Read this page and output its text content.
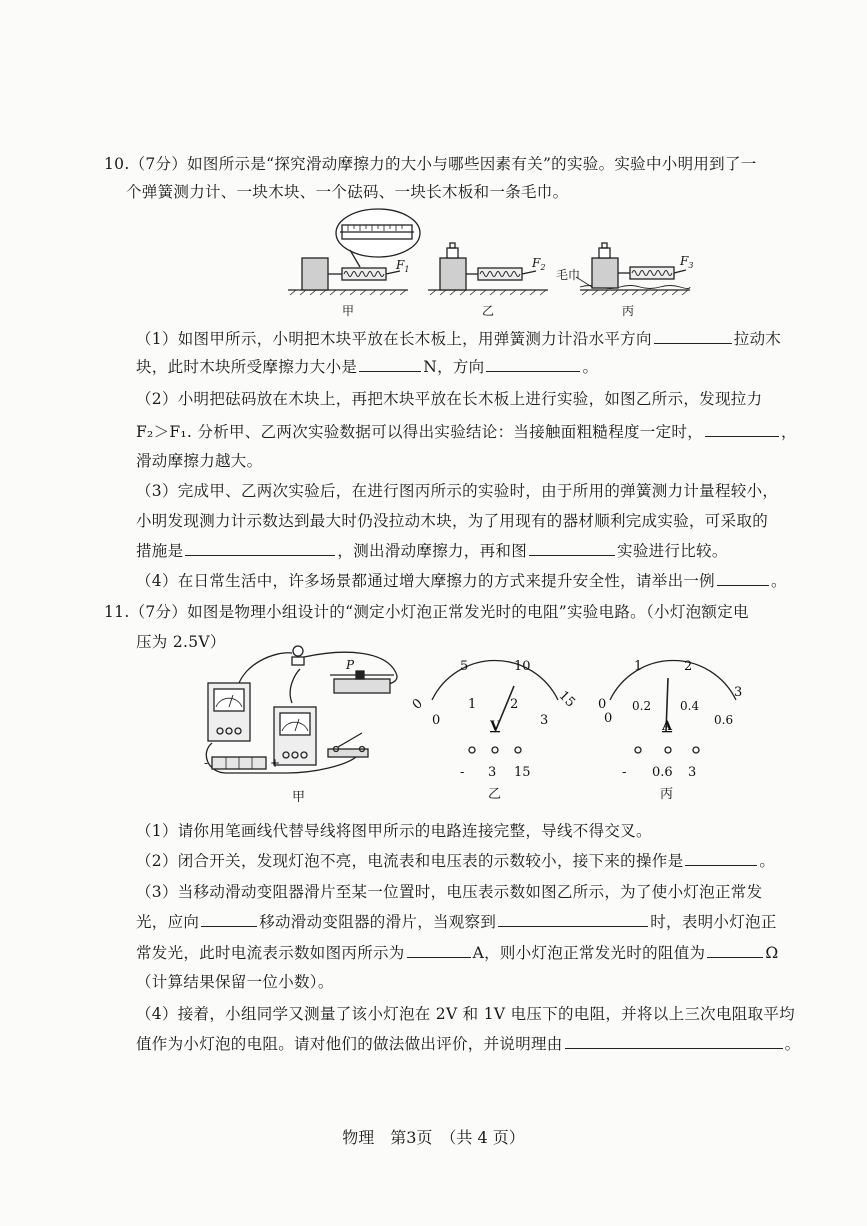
10.（7分）如图所示是“探究滑动摩擦力的大小与哪些因素有关”的实验。实验中小明用到了一
个弹簧测力计、一块木块、一个砝码、一块长木板和一条毛巾。
$F_1$	$F_2$	$F_3$
毛巾
甲	乙	丙
（1）如图甲所示，小明把木块平放在长木板上，用弹簧测力计沿水平方向	拉动木
块，此时木块所受摩擦力大小是	N，方向	。
（2）小明把砝码放在木块上，再把木块平放在长木板上进行实验，如图乙所示，发现拉力
F₂＞F₁. 分析甲、乙两次实验数据可以得出实验结论：当接触面粗糙程度一定时，	，
滑动摩擦力越大。
（3）完成甲、乙两次实验后，在进行图丙所示的实验时，由于所用的弹簧测力计量程较小，
小明发现测力计示数达到最大时仍没拉动木块，为了用现有的器材顺利完成实验，可采取的
措施是	，测出滑动摩擦力，再和图	实验进行比较。
（4）在日常生活中，许多场景都通过增大摩擦力的方式来提升安全性，请举出一例	。
11.（7分）如图是物理小组设计的“测定小灯泡正常发光时的电阻”实验电路。（小灯泡额定电
压为 2.5V）
P
-	+
甲
0
5	10
15
0
1	2
3
V
- 3 15
乙
0
1	2
3
0
0.2 0.4
0.6
A
- 0.6 3
丙
（1）请你用笔画线代替导线将图甲所示的电路连接完整，导线不得交叉。
（2）闭合开关，发现灯泡不亮，电流表和电压表的示数较小，接下来的操作是	。
（3）当移动滑动变阻器滑片至某一位置时，电压表示数如图乙所示，为了使小灯泡正常发
光，应向	移动滑动变阻器的滑片，当观察到	时，表明小灯泡正
常发光，此时电流表示数如图丙所示为	A，则小灯泡正常发光时的阻值为	Ω
（计算结果保留一位小数）。
（4）接着，小组同学又测量了该小灯泡在 2V 和 1V 电压下的电阻，并将以上三次电阻取平均
值作为小灯泡的电阻。请对他们的做法做出评价，并说明理由	。
物理　第3页　（共 4 页）
